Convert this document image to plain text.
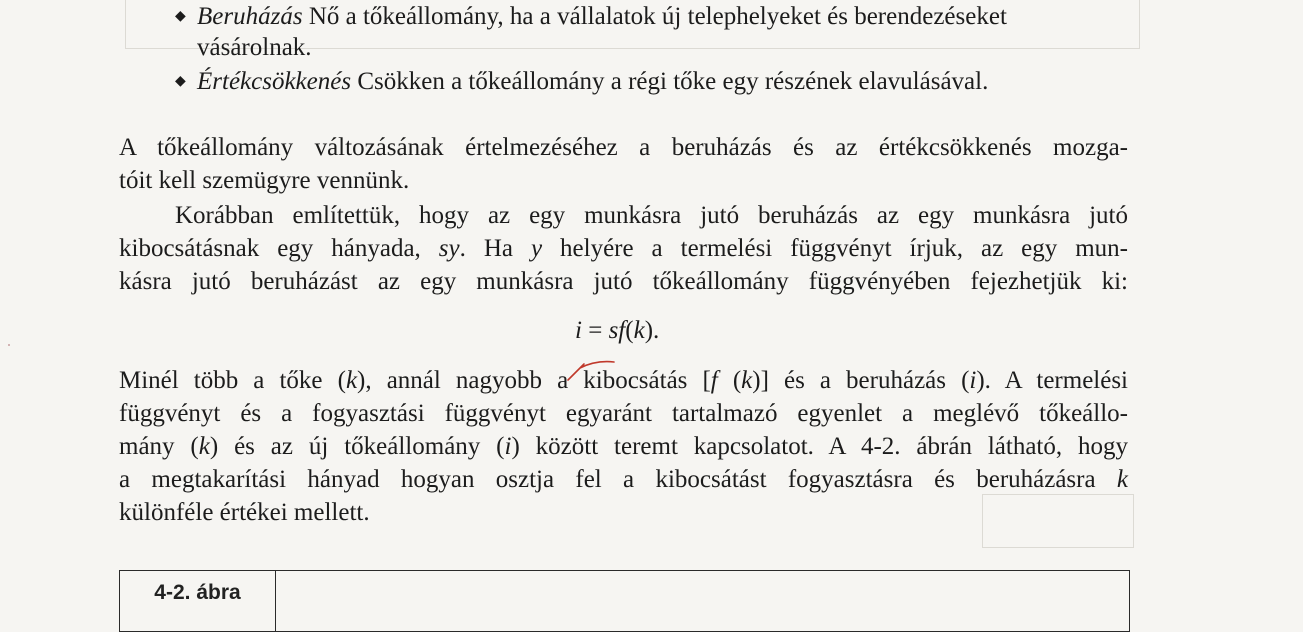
◆ Beruházás Nő a tőkeállomány, ha a vállalatok új telephelyeket és berendezéseket
vásárolnak.
◆ Értékcsökkenés Csökken a tőkeállomány a régi tőke egy részének elavulásával.
A tőkeállomány változásának értelmezéséhez a beruházás és az értékcsökkenés mozga-
tóit kell szemügyre vennünk.
Korábban említettük, hogy az egy munkásra jutó beruházás az egy munkásra jutó
kibocsátásnak egy hányada, sy. Ha y helyére a termelési függvényt írjuk, az egy mun-
kásra jutó beruházást az egy munkásra jutó tőkeállomány függvényében fejezhetjük ki:
i = sf(k).
Minél több a tőke (k), annál nagyobb a kibocsátás [f (k)] és a beruházás (i). A termelési
függvényt és a fogyasztási függvényt egyaránt tartalmazó egyenlet a meglévő tőkeállo-
mány (k) és az új tőkeállomány (i) között teremt kapcsolatot. A 4-2. ábrán látható, hogy
a megtakarítási hányad hogyan osztja fel a kibocsátást fogyasztásra és beruházásra k
különféle értékei mellett.
4-2. ábra
